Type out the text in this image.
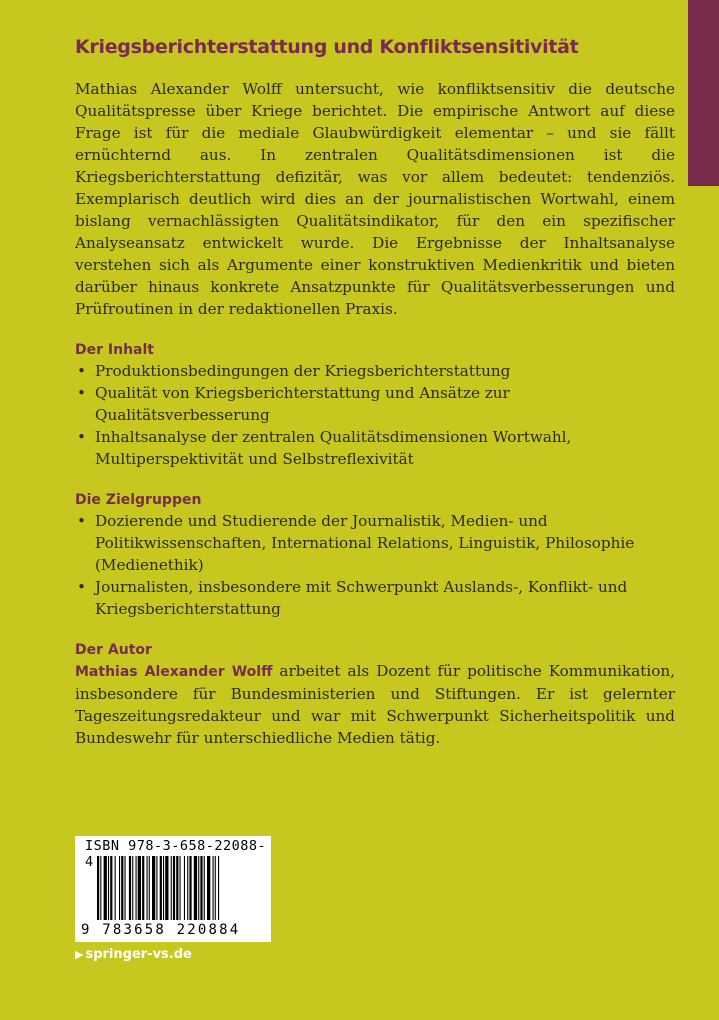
Kriegsberichterstattung und Konfliktsensitivität

Mathias Alexander Wolff untersucht, wie konfliktsensitiv die deutsche Qualitätspresse über Kriege berichtet. Die empirische Antwort auf diese Frage ist für die mediale Glaubwürdigkeit elementar – und sie fällt ernüchternd aus. In zentralen Qualitätsdimensionen ist die Kriegsberichterstattung defizitär, was vor allem bedeutet: tendenziös. Exemplarisch deutlich wird dies an der journalistischen Wortwahl, einem bislang vernachlässigten Qualitätsindikator, für den ein spezifischer Analyseansatz entwickelt wurde. Die Ergebnisse der Inhaltsanalyse verstehen sich als Argumente einer konstruktiven Medienkritik und bieten darüber hinaus konkrete Ansatzpunkte für Qualitätsverbesserungen und Prüfroutinen in der redaktionellen Praxis.

Der Inhalt
• Produktionsbedingungen der Kriegsberichterstattung
• Qualität von Kriegsberichterstattung und Ansätze zur Qualitätsverbesserung
• Inhaltsanalyse der zentralen Qualitätsdimensionen Wortwahl, Multiperspektivität und Selbstreflexivität
Die Zielgruppen
• Dozierende und Studierende der Journalistik, Medien- und Politikwissenschaften, International Relations, Linguistik, Philosophie (Medienethik)
• Journalisten, insbesondere mit Schwerpunkt Auslands-, Konflikt- und Kriegsberichterstattung
Der Autor

Mathias Alexander Wolff arbeitet als Dozent für politische Kommunikation, insbesondere für Bundesministerien und Stiftungen. Er ist gelernter Tageszeitungsredakteur und war mit Schwerpunkt Sicherheitspolitik und Bundeswehr für unterschiedliche Medien tätig.

ISBN 978-3-658-22088-4
9 783658 220884
▶ springer-vs.de
